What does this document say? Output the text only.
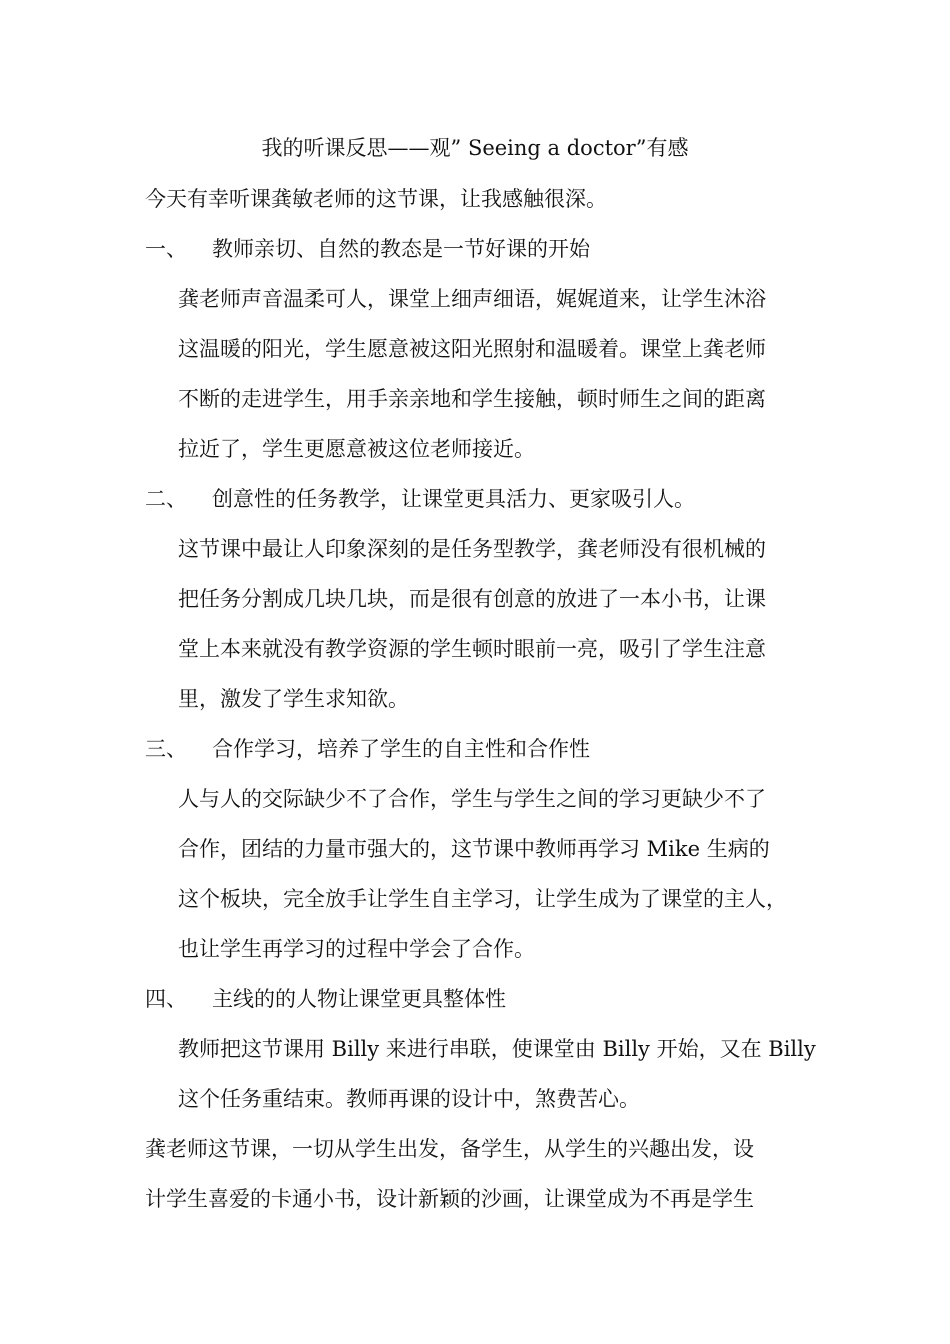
我的听课反思——观” Seeing a doctor”有感
今天有幸听课龚敏老师的这节课，让我感触很深。
一、 教师亲切、自然的教态是一节好课的开始
龚老师声音温柔可人，课堂上细声细语，娓娓道来，让学生沐浴
这温暖的阳光，学生愿意被这阳光照射和温暖着。课堂上龚老师
不断的走进学生，用手亲亲地和学生接触，顿时师生之间的距离
拉近了，学生更愿意被这位老师接近。
二、 创意性的任务教学，让课堂更具活力、更家吸引人。
这节课中最让人印象深刻的是任务型教学，龚老师没有很机械的
把任务分割成几块几块，而是很有创意的放进了一本小书，让课
堂上本来就没有教学资源的学生顿时眼前一亮，吸引了学生注意
里，激发了学生求知欲。
三、 合作学习，培养了学生的自主性和合作性
人与人的交际缺少不了合作，学生与学生之间的学习更缺少不了
合作，团结的力量市强大的，这节课中教师再学习 Mike 生病的
这个板块，完全放手让学生自主学习，让学生成为了课堂的主人，
也让学生再学习的过程中学会了合作。
四、 主线的的人物让课堂更具整体性
教师把这节课用 Billy 来进行串联，使课堂由 Billy 开始，又在 Billy
这个任务重结束。教师再课的设计中，煞费苦心。
龚老师这节课，一切从学生出发，备学生，从学生的兴趣出发，设
计学生喜爱的卡通小书，设计新颖的沙画，让课堂成为不再是学生
